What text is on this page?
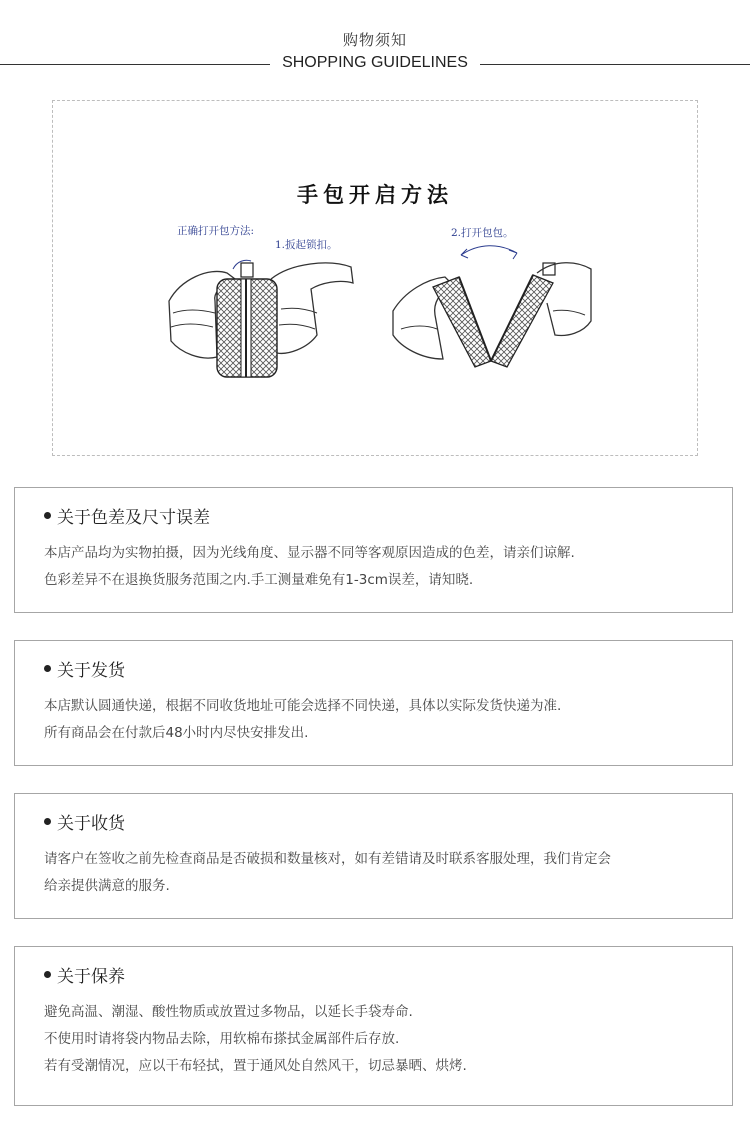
购物须知
SHOPPING GUIDELINES
手包开启方法
正确打开包方法:
1.扳起锁扣。
2.打开包包。
关于色差及尺寸误差
本店产品均为实物拍摄，因为光线角度、显示器不同等客观原因造成的色差，请亲们谅解.
色彩差异不在退换货服务范围之内.手工测量难免有1-3cm误差，请知晓.
关于发货
本店默认圆通快递，根据不同收货地址可能会选择不同快递，具体以实际发货快递为准.
所有商品会在付款后48小时内尽快安排发出.
关于收货
请客户在签收之前先检查商品是否破损和数量核对，如有差错请及时联系客服处理，我们肯定会
给亲提供满意的服务.
关于保养
避免高温、潮湿、酸性物质或放置过多物品，以延长手袋寿命.
不使用时请将袋内物品去除，用软棉布搽拭金属部件后存放.
若有受潮情况，应以干布轻拭，置于通风处自然风干，切忌暴晒、烘烤.
